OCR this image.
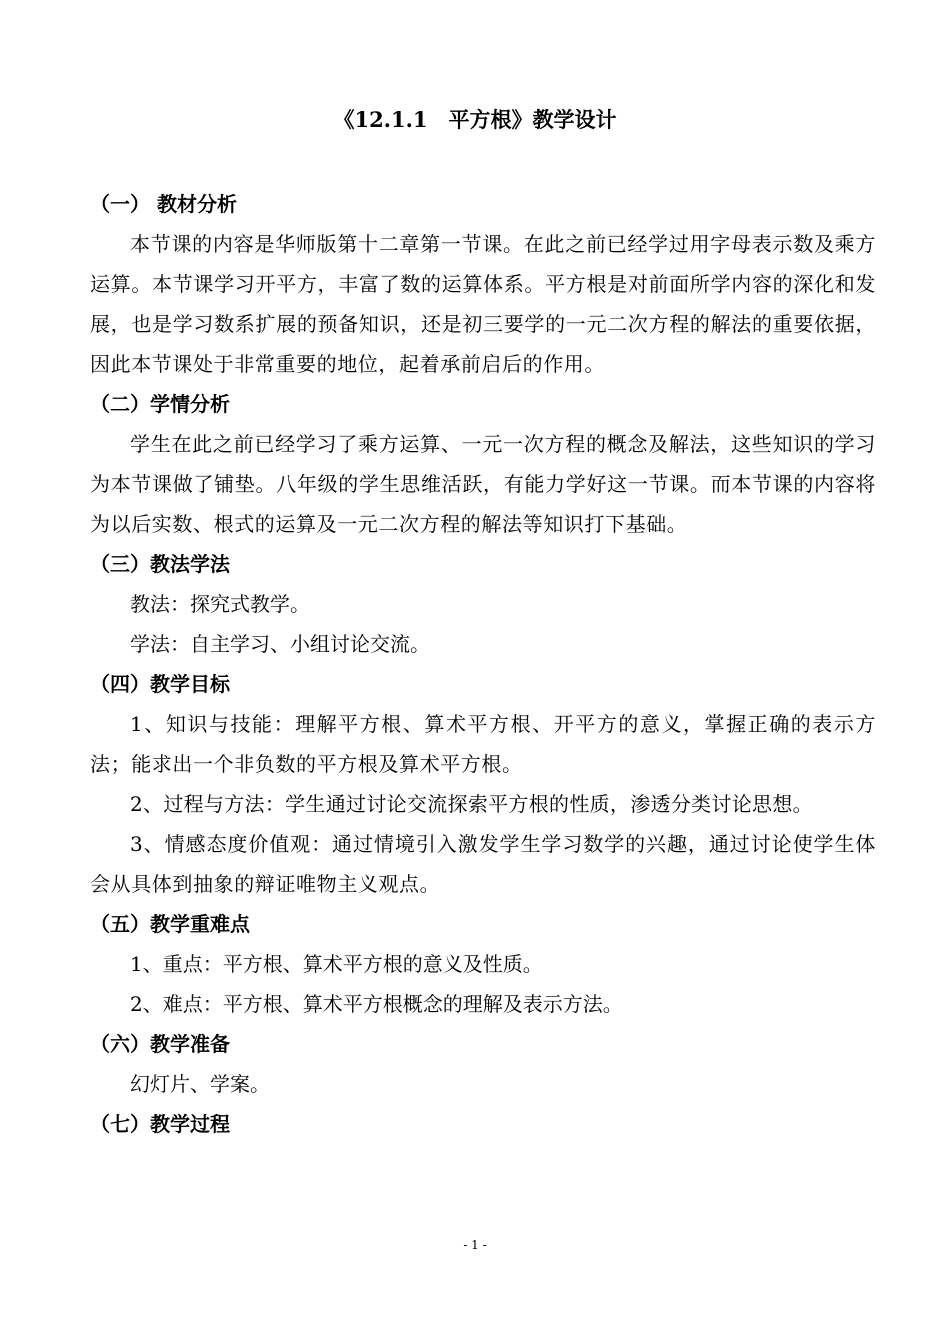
《12.1.1　平方根》教学设计

（一） 教材分析

本节课的内容是华师版第十二章第一节课。在此之前已经学过用字母表示数及乘方运算。本节课学习开平方，丰富了数的运算体系。平方根是对前面所学内容的深化和发展，也是学习数系扩展的预备知识，还是初三要学的一元二次方程的解法的重要依据，因此本节课处于非常重要的地位，起着承前启后的作用。

（二）学情分析

学生在此之前已经学习了乘方运算、一元一次方程的概念及解法，这些知识的学习为本节课做了铺垫。八年级的学生思维活跃，有能力学好这一节课。而本节课的内容将为以后实数、根式的运算及一元二次方程的解法等知识打下基础。

（三）教法学法

教法：探究式教学。

学法：自主学习、小组讨论交流。

（四）教学目标

1、知识与技能：理解平方根、算术平方根、开平方的意义，掌握正确的表示方法；能求出一个非负数的平方根及算术平方根。

2、过程与方法：学生通过讨论交流探索平方根的性质，渗透分类讨论思想。

3、情感态度价值观：通过情境引入激发学生学习数学的兴趣，通过讨论使学生体会从具体到抽象的辩证唯物主义观点。

（五）教学重难点

1、重点：平方根、算术平方根的意义及性质。

2、难点：平方根、算术平方根概念的理解及表示方法。

（六）教学准备

幻灯片、学案。

（七）教学过程

- 1 -
